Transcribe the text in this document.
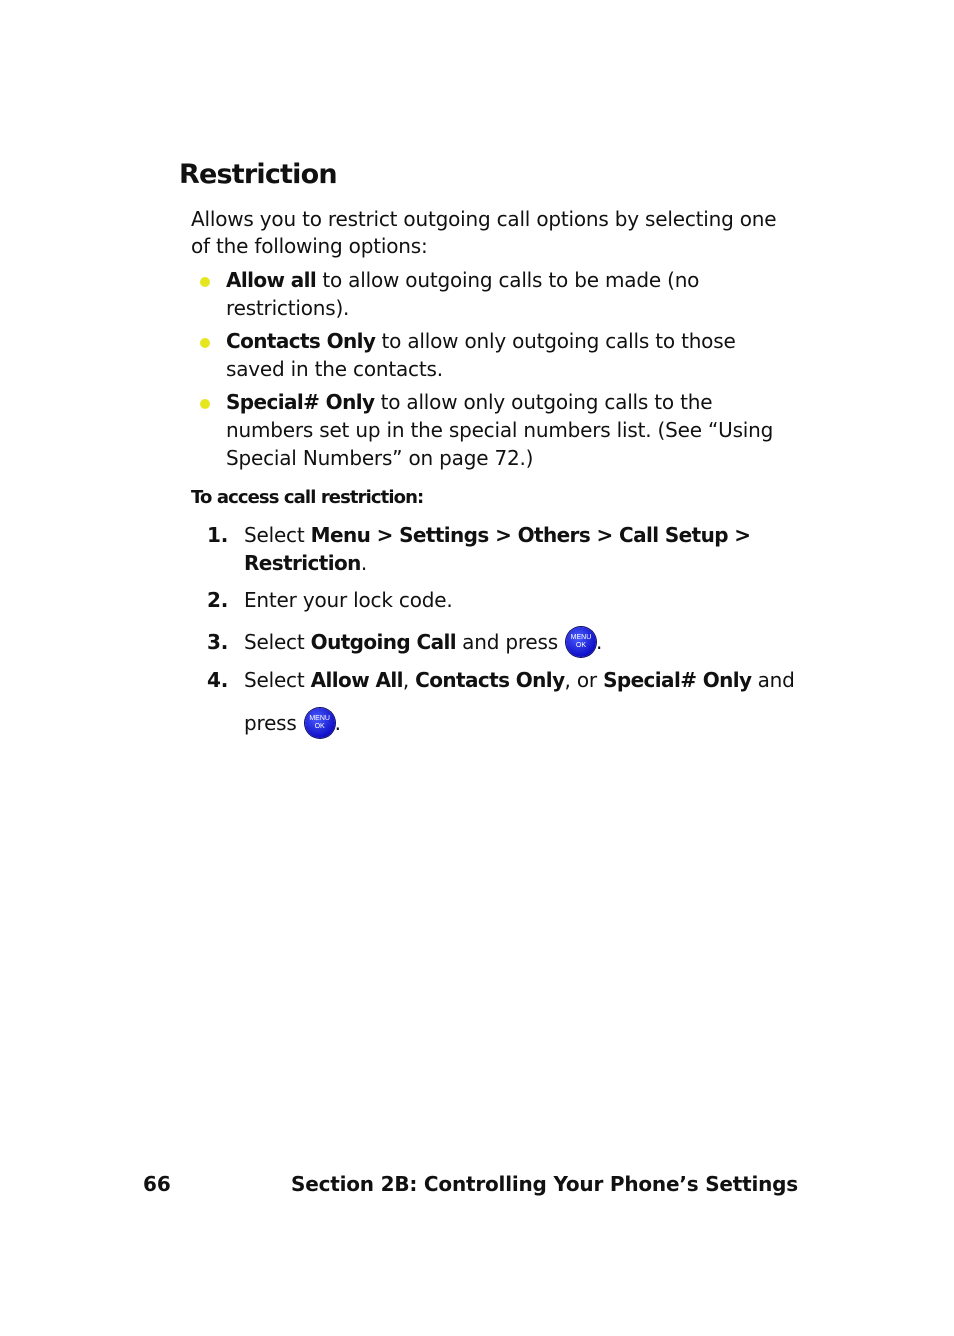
Restriction

Allows you to restrict outgoing call options by selecting one of the following options:

Allow all to allow outgoing calls to be made (no restrictions).
Contacts Only to allow only outgoing calls to those saved in the contacts.
Special# Only to allow only outgoing calls to the numbers set up in the special numbers list. (See “Using Special Numbers” on page 72.)
To access call restriction:
1. Select Menu > Settings > Others > Call Setup > Restriction.
2. Enter your lock code.
3. Select Outgoing Call and press	MENU
OK .
4. Select Allow All, Contacts Only, or Special# Only and
press	MENU
OK .
66	Section 2B: Controlling Your Phone’s Settings
